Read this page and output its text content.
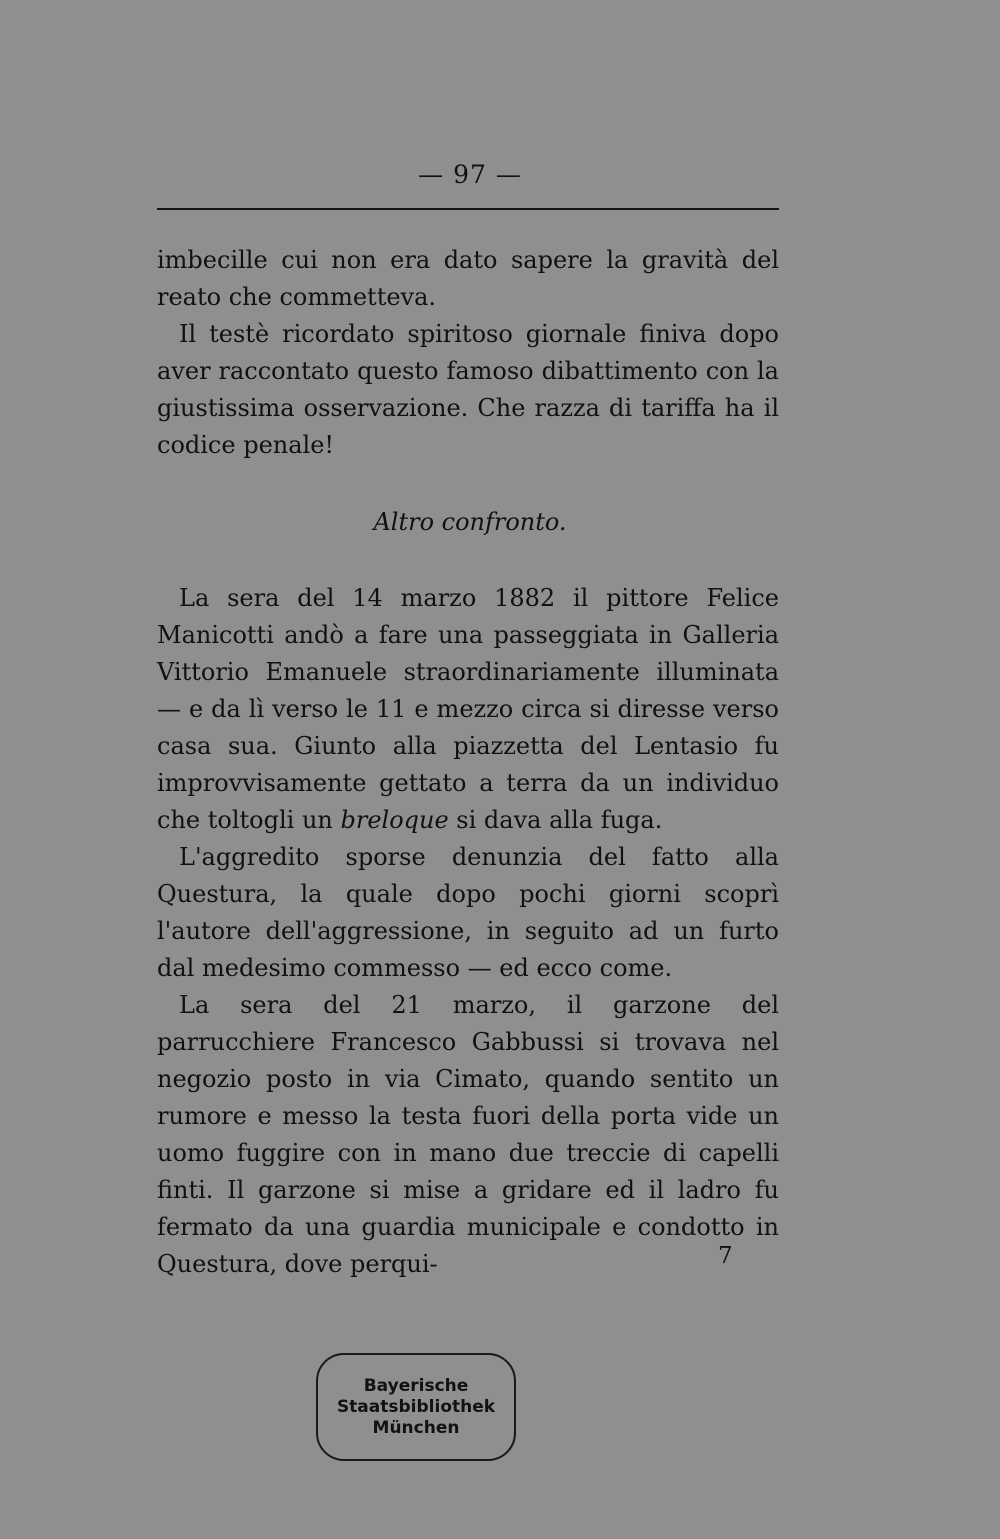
— 97 —

imbecille cui non era dato sapere la gravità del reato che commetteva.

Il testè ricordato spiritoso giornale finiva dopo aver raccontato questo famoso dibattimento con la giustissima osservazione. Che razza di tariffa ha il codice penale!

Altro confronto.

La sera del 14 marzo 1882 il pittore Felice Manicotti andò a fare una passeggiata in Galleria Vittorio Emanuele straordinariamente illuminata — e da lì verso le 11 e mezzo circa si diresse verso casa sua. Giunto alla piazzetta del Lentasio fu improvvisamente gettato a terra da un individuo che toltogli un breloque si dava alla fuga.

L'aggredito sporse denunzia del fatto alla Questura, la quale dopo pochi giorni scoprì l'autore dell'aggressione, in seguito ad un furto dal medesimo commesso — ed ecco come.

La sera del 21 marzo, il garzone del parrucchiere Francesco Gabbussi si trovava nel negozio posto in via Cimato, quando sentito un rumore e messo la testa fuori della porta vide un uomo fuggire con in mano due treccie di capelli finti. Il garzone si mise a gridare ed il ladro fu fermato da una guardia municipale e condotto in Questura, dove perqui-	7
Bayerische
Staatsbibliothek
München
